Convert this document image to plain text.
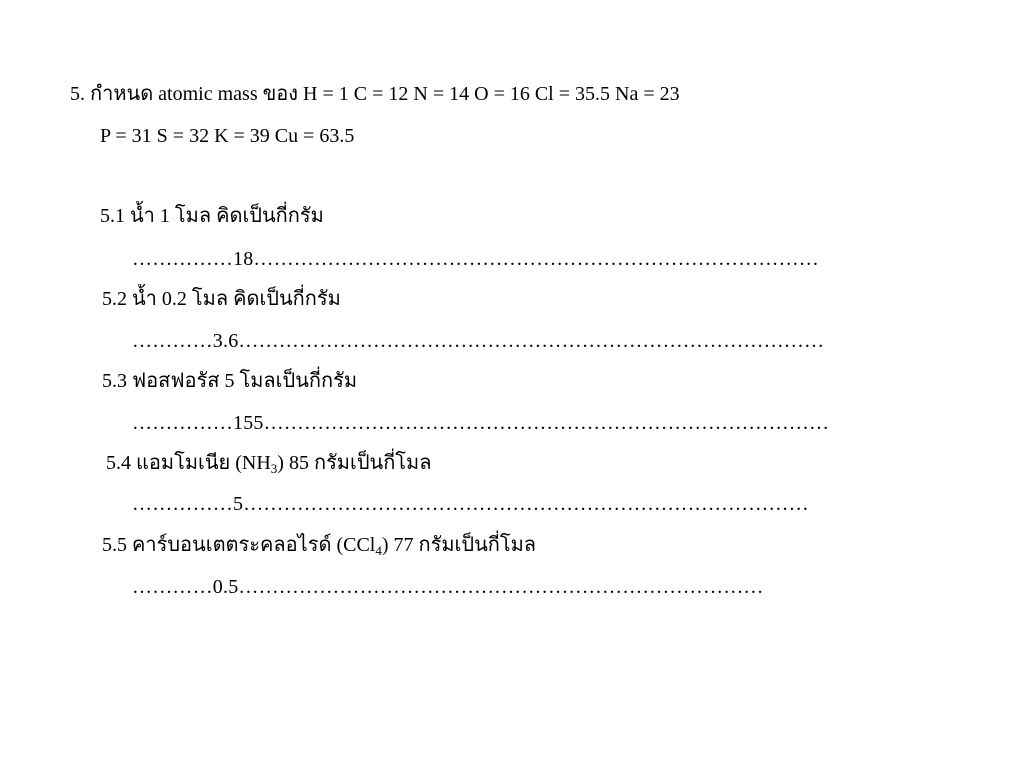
5. กำหนด atomic mass ของ H = 1 C = 12 N = 14 O = 16 Cl = 35.5 Na = 23
P = 31 S = 32 K = 39 Cu = 63.5
5.1 น้ำ 1 โมล คิดเป็นกี่กรัม
……………18…………………………………………………………………………
5.2 น้ำ 0.2 โมล คิดเป็นกี่กรัม
…………3.6……………………………………………………………………………
5.3 ฟอสฟอรัส 5 โมลเป็นกี่กรัม
……………155…………………………………………………………………………
5.4 แอมโมเนีย $(NH_3)$ 85 กรัมเป็นกี่โมล
……………5…………………………………………………………………………
5.5 คาร์บอนเตตระคลอไรด์ (CCl$_4$) 77 กรัมเป็นกี่โมล
…………0.5……………………………………………………………………
